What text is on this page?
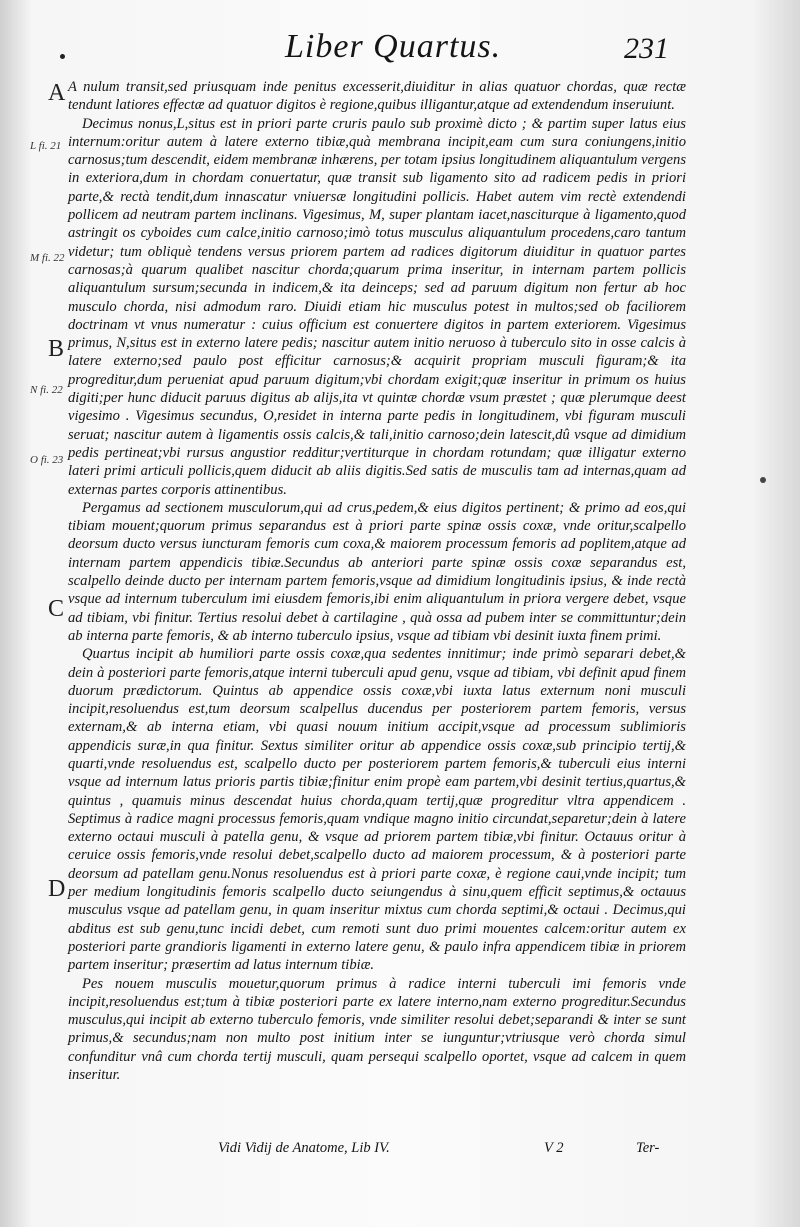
Liber Quartus.	231
A
L fi. 21
M fi. 22
B
N fi. 22
O fi. 23
C
D

A nulum transit,sed priusquam inde penitus excesserit,diuiditur in alias quatuor chordas, quæ rectæ tendunt latiores effectæ ad quatuor digitos è regione,quibus illigantur,atque ad extendendum inseruiunt.

Decimus nonus,L,situs est in priori parte cruris paulo sub proximè dicto ; & partim super latus eius internum:oritur autem à latere externo tibiæ,quà membrana incipit,eam cum sura coniungens,initio carnosus;tum descendit, eidem membranæ inhærens, per totam ipsius longitudinem aliquantulum vergens in exteriora,dum in chordam conuertatur, quæ transit sub ligamento sito ad radicem pedis in priori parte,& rectà tendit,dum innascatur vniuersæ longitudini pollicis. Habet autem vim rectè extendendi pollicem ad neutram partem inclinans. Vigesimus, M, super plantam iacet,nasciturque à ligamento,quod astringit os cyboides cum calce,initio carnoso;imò totus musculus aliquantulum procedens,caro tantum videtur; tum obliquè tendens versus priorem partem ad radices digitorum diuiditur in quatuor partes carnosas;à quarum qualibet nascitur chorda;quarum prima inseritur, in internam partem pollicis aliquantulum sursum;secunda in indicem,& ita deinceps; sed ad paruum digitum non fertur ab hoc musculo chorda, nisi admodum raro. Diuidi etiam hic musculus potest in multos;sed ob faciliorem doctrinam vt vnus numeratur : cuius officium est conuertere digitos in partem exteriorem. Vigesimus primus, N,situs est in externo latere pedis; nascitur autem initio neruoso à tuberculo sito in osse calcis à latere externo;sed paulo post efficitur carnosus;& acquirit propriam musculi figuram;& ita progreditur,dum perueniat apud paruum digitum;vbi chordam exigit;quæ inseritur in primum os huius digiti;per hunc diducit paruus digitus ab alijs,ita vt quintæ chordæ vsum præstet ; quæ plerumque deest vigesimo . Vigesimus secundus, O,residet in interna parte pedis in longitudinem, vbi figuram musculi seruat; nascitur autem à ligamentis ossis calcis,& tali,initio carnoso;dein latescit,dû vsque ad dimidium pedis pertineat;vbi rursus angustior redditur;vertiturque in chordam rotundam; quæ illigatur externo lateri primi articuli pollicis,quem diducit ab aliis digitis.Sed satis de musculis tam ad internas,quam ad externas partes corporis attinentibus.

Pergamus ad sectionem musculorum,qui ad crus,pedem,& eius digitos pertinent; & primo ad eos,qui tibiam mouent;quorum primus separandus est à priori parte spinæ ossis coxæ, vnde oritur,scalpello deorsum ducto versus iuncturam femoris cum coxa,& maiorem processum femoris ad poplitem,atque ad internam partem appendicis tibiæ.Secundus ab anteriori parte spinæ ossis coxæ separandus est, scalpello deinde ducto per internam partem femoris,vsque ad dimidium longitudinis ipsius, & inde rectà vsque ad internum tuberculum imi eiusdem femoris,ibi enim aliquantulum in priora vergere debet, vsque ad tibiam, vbi finitur. Tertius resolui debet à cartilagine , quà ossa ad pubem inter se committuntur;dein ab interna parte femoris, & ab interno tuberculo ipsius, vsque ad tibiam vbi desinit iuxta finem primi.

Quartus incipit ab humiliori parte ossis coxæ,qua sedentes innitimur; inde primò separari debet,& dein à posteriori parte femoris,atque interni tuberculi apud genu, vsque ad tibiam, vbi definit apud finem duorum prædictorum. Quintus ab appendice ossis coxæ,vbi iuxta latus externum noni musculi incipit,resoluendus est,tum deorsum scalpellus ducendus per posteriorem partem femoris, versus externam,& ab interna etiam, vbi quasi nouum initium accipit,vsque ad processum sublimioris appendicis suræ,in qua finitur. Sextus similiter oritur ab appendice ossis coxæ,sub principio tertij,& quarti,vnde resoluendus est, scalpello ducto per posteriorem partem femoris,& tuberculi eius interni vsque ad internum latus prioris partis tibiæ;finitur enim propè eam partem,vbi desinit tertius,quartus,& quintus , quamuis minus descendat huius chorda,quam tertij,quæ progreditur vltra appendicem . Septimus à radice magni processus femoris,quam vndique magno initio circundat,separetur;dein à latere externo octaui musculi à patella genu, & vsque ad priorem partem tibiæ,vbi finitur. Octauus oritur à ceruice ossis femoris,vnde resolui debet,scalpello ducto ad maiorem processum, & à posteriori parte deorsum ad patellam genu.Nonus resoluendus est à priori parte coxæ, è regione caui,vnde incipit; tum per medium longitudinis femoris scalpello ducto seiungendus à sinu,quem efficit septimus,& octauus musculus vsque ad patellam genu, in quam inseritur mixtus cum chorda septimi,& octaui . Decimus,qui abditus est sub genu,tunc incidi debet, cum remoti sunt duo primi mouentes calcem:oritur autem ex posteriori parte grandioris ligamenti in externo latere genu, & paulo infra appendicem tibiæ in priorem partem inseritur; præsertim ad latus internum tibiæ.

Pes nouem musculis mouetur,quorum primus à radice interni tuberculi imi femoris vnde incipit,resoluendus est;tum à tibiæ posteriori parte ex latere interno,nam externo progreditur.Secundus musculus,qui incipit ab externo tuberculo femoris, vnde similiter resolui debet;separandi & inter se sunt primus,& secundus;nam non multo post initium inter se iunguntur;vtriusque verò chorda simul confunditur vnâ cum chorda tertij musculi, quam persequi scalpello oportet, vsque ad calcem in quem inseritur.

Vidi Vidij de Anatome, Lib IV.	V 2	Ter-
